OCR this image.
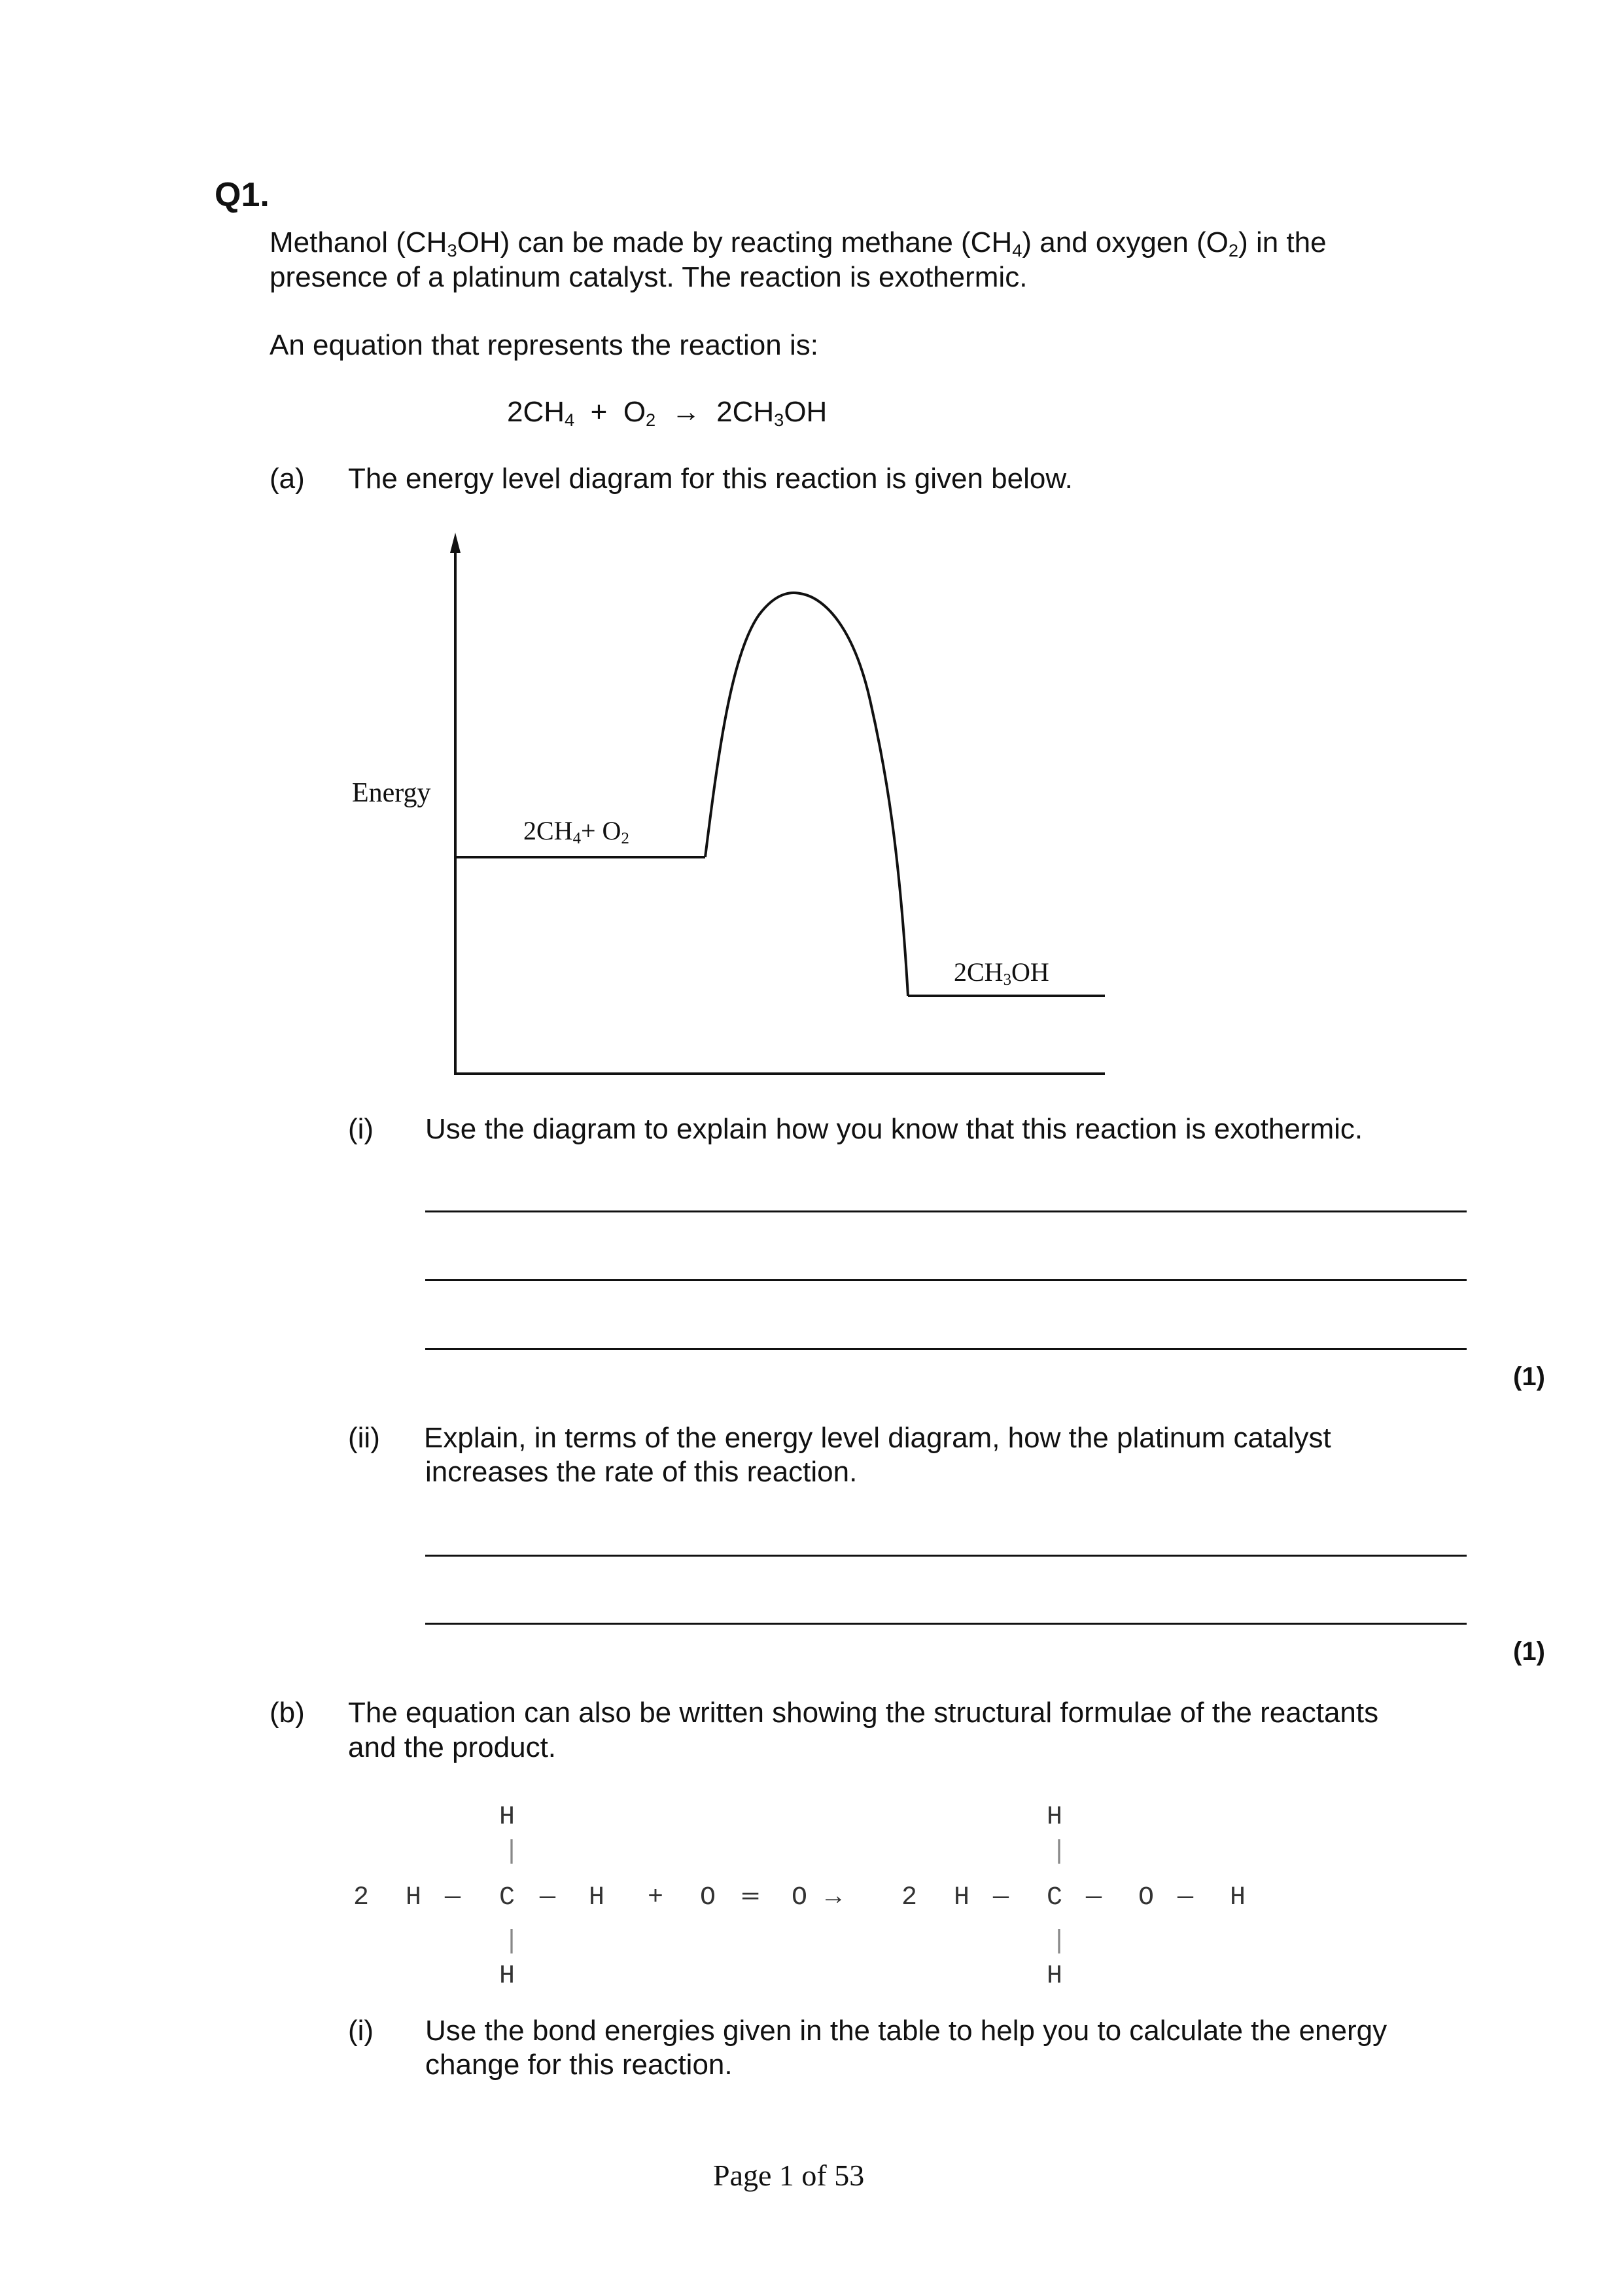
Q1.
Methanol $(CH_3OH)$ can be made by reacting methane $(CH_4)$ and oxygen $(O_2)$ in the
presence of a platinum catalyst. The reaction is exothermic.
An equation that represents the reaction is:
$2CH_4 + O_2 \to 2CH_3OH$
(a) The energy level diagram for this reaction is given below.
Energy
$2CH_4+ O_2$
$2CH_3OH$
(i) Use the diagram to explain how you know that this reaction is exothermic.
(1)
(ii) Explain, in terms of the energy level diagram, how the platinum catalyst
increases the rate of this reaction.
(1)
(b) The equation can also be written showing the structural formulae of the reactants
and the product.
H
|
2 H — C — H + O ═ O → 2 H — C — O — H
H
|
|
H
|
H
(i) Use the bond energies given in the table to help you to calculate the energy
change for this reaction.
Page 1 of 53
